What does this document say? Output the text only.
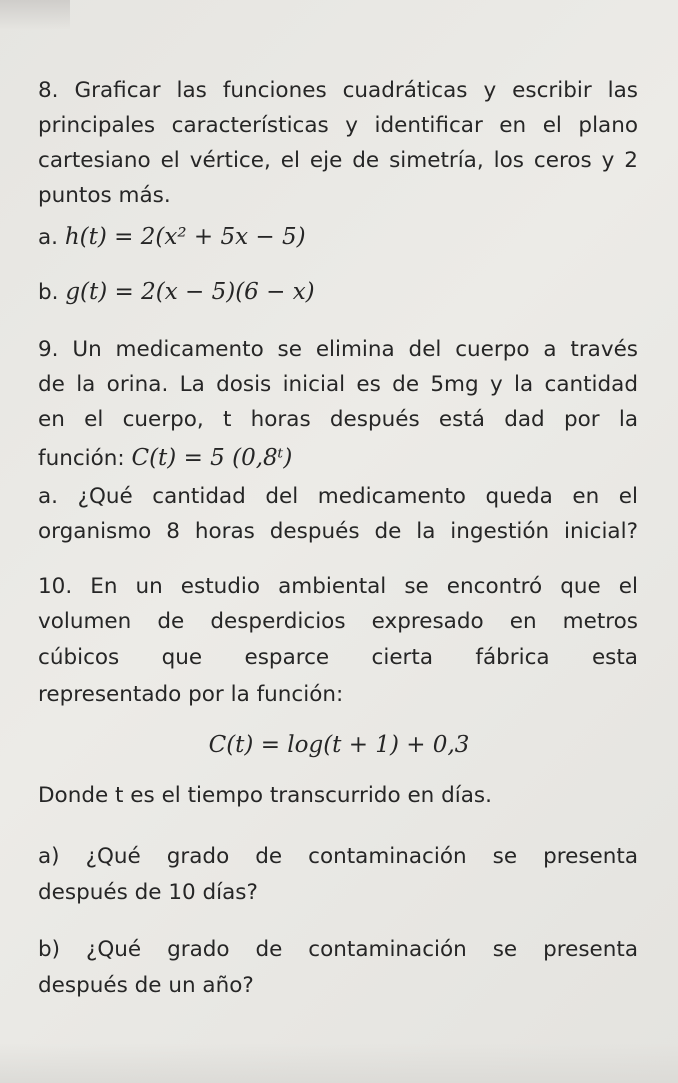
8. Graficar las funciones cuadráticas y escribir las
principales características y identificar en el plano
cartesiano el vértice, el eje de simetría, los ceros y 2
puntos más.
a. h(t) = 2(x² + 5x − 5)
b. g(t) = 2(x − 5)(6 − x)
9. Un medicamento se elimina del cuerpo a través
de la orina. La dosis inicial es de 5mg y la cantidad
en el cuerpo, t horas después está dad por la
función: C(t) = 5 (0,8ᵗ)
a. ¿Qué cantidad del medicamento queda en el
organismo 8 horas después de la ingestión inicial?
10. En un estudio ambiental se encontró que el
volumen de desperdicios expresado en metros
cúbicos que esparce cierta fábrica esta
representado por la función:
C(t) = log(t + 1) + 0,3
Donde t es el tiempo transcurrido en días.
a) ¿Qué grado de contaminación se presenta
después de 10 días?
b) ¿Qué grado de contaminación se presenta
después de un año?
